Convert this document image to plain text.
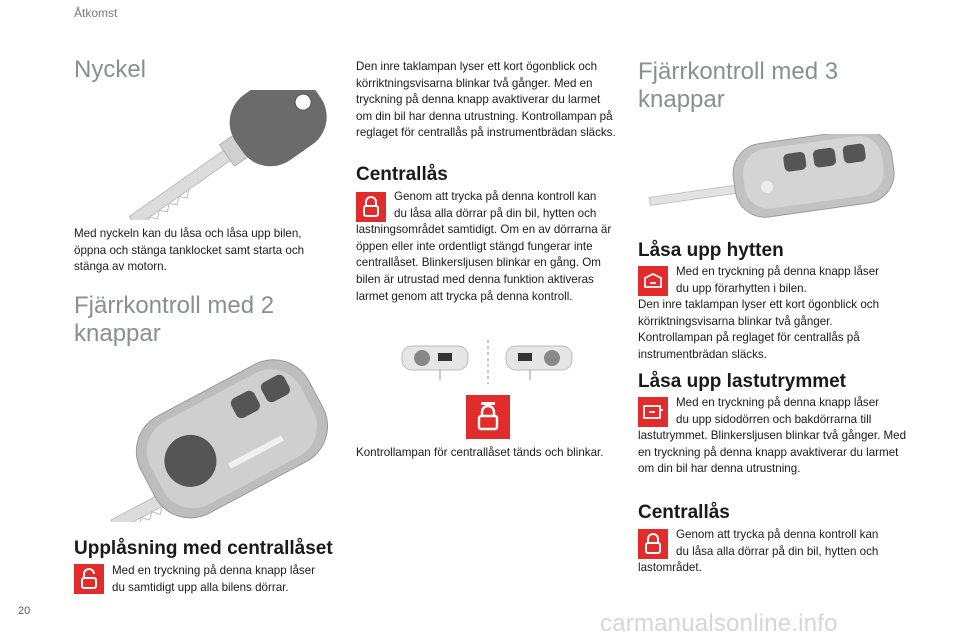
Åtkomst
Nyckel
Med nyckeln kan du låsa och låsa upp bilen, öppna och stänga tanklocket samt starta och stänga av motorn.
Fjärrkontroll med 2 knappar
Upplåsning med centrallåset
Med en tryckning på denna knapp låser
du samtidigt upp alla bilens dörrar.
Den inre taklampan lyser ett kort ögonblick och körriktningsvisarna blinkar två gånger. Med en tryckning på denna knapp avaktiverar du larmet om din bil har denna utrustning. Kontrollampan på reglaget för centrallås på instrumentbrädan släcks.
Centrallås
Genom att trycka på denna kontroll kan
du låsa alla dörrar på din bil, hytten och
lastningsområdet samtidigt. Om en av dörrarna är öppen eller inte ordentligt stängd fungerar inte centrallåset. Blinkersljusen blinkar en gång. Om bilen är utrustad med denna funktion aktiveras larmet genom att trycka på denna kontroll.
Kontrollampan för centrallåset tänds och blinkar.
Fjärrkontroll med 3 knappar
Låsa upp hytten
Med en tryckning på denna knapp låser
du upp förarhytten i bilen.
Den inre taklampan lyser ett kort ögonblick och körriktningsvisarna blinkar två gånger. Kontrollampan på reglaget för centrallås på instrumentbrädan släcks.
Låsa upp lastutrymmet
Med en tryckning på denna knapp låser
du upp sidodörren och bakdörrarna till
lastutrymmet. Blinkersljusen blinkar två gånger. Med en tryckning på denna knapp avaktiverar du larmet om din bil har denna utrustning.
Centrallås
Genom att trycka på denna kontroll kan
du låsa alla dörrar på din bil, hytten och
lastområdet.
20	carmanualsonline.info
